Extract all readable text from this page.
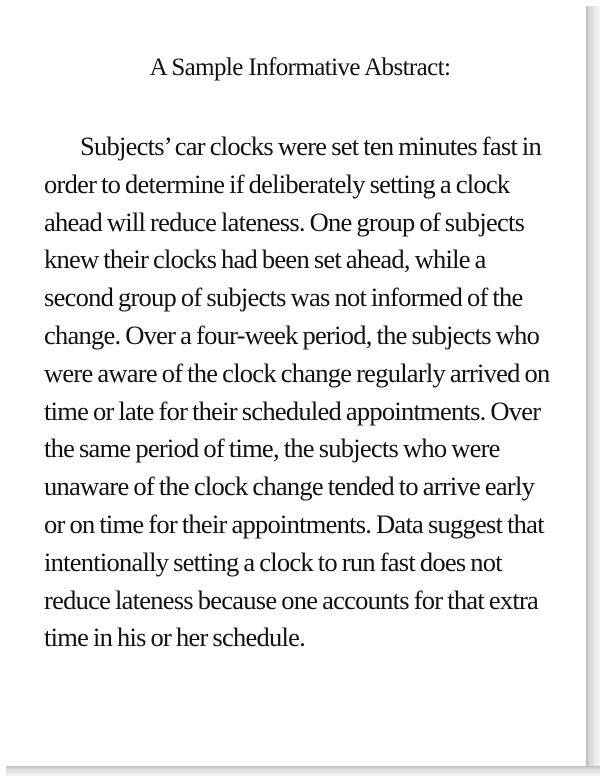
A Sample Informative Abstract:
Subjects’ car clocks were set ten minutes fast in
order to determine if deliberately setting a clock
ahead will reduce lateness. One group of subjects
knew their clocks had been set ahead, while a
second group of subjects was not informed of the
change. Over a four-week period, the subjects who
were aware of the clock change regularly arrived on
time or late for their scheduled appointments. Over
the same period of time, the subjects who were
unaware of the clock change tended to arrive early
or on time for their appointments. Data suggest that
intentionally setting a clock to run fast does not
reduce lateness because one accounts for that extra
time in his or her schedule.
